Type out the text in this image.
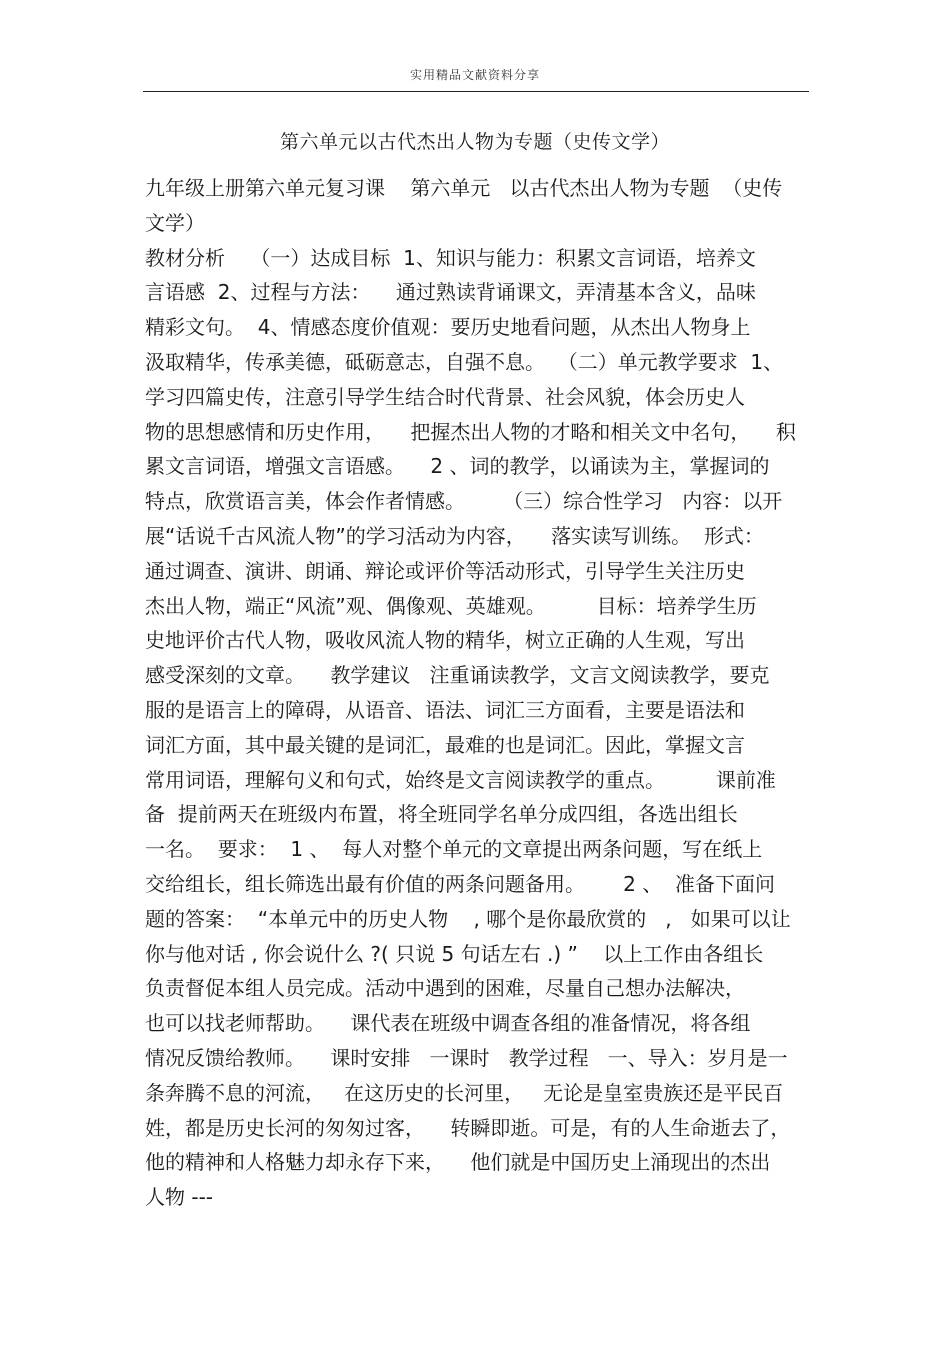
实用精品文献资料分享
第六单元以古代杰出人物为专题（史传文学）
九年级上册第六单元复习课    第六单元   以古代杰出人物为专题  （史传
文学）
教材分析    （一）达成目标  1、知识与能力：积累文言词语，培养文
言语感  2、过程与方法：    通过熟读背诵课文，弄清基本含义，品味
精彩文句。  4、情感态度价值观：要历史地看问题，从杰出人物身上
汲取精华，传承美德，砥砺意志，自强不息。  （二）单元教学要求  1、
学习四篇史传，注意引导学生结合时代背景、社会风貌，体会历史人
物的思想感情和历史作用，    把握杰出人物的才略和相关文中名句，    积
累文言词语，增强文言语感。    2 、词的教学，以诵读为主，掌握词的
特点，欣赏语言美，体会作者情感。      （三）综合性学习   内容：以开
展“话说千古风流人物”的学习活动为内容，    落实读写训练。  形式：
通过调查、演讲、朗诵、辩论或评价等活动形式，引导学生关注历史
杰出人物，端正“风流”观、偶像观、英雄观。        目标：培养学生历
史地评价古代人物，吸收风流人物的精华，树立正确的人生观，写出
感受深刻的文章。    教学建议   注重诵读教学，文言文阅读教学，要克
服的是语言上的障碍，从语音、语法、词汇三方面看，主要是语法和
词汇方面，其中最关键的是词汇，最难的也是词汇。因此，掌握文言
常用词语，理解句义和句式，始终是文言阅读教学的重点。        课前准
备  提前两天在班级内布置，将全班同学名单分成四组，各选出组长
一名。  要求：  1 、  每人对整个单元的文章提出两条问题，写在纸上
交给组长，组长筛选出最有价值的两条问题备用。      2 、  准备下面问
题的答案：  “本单元中的历史人物    , 哪个是你最欣赏的   ,   如果可以让
你与他对话 , 你会说什么 ?( 只说 5 句话左右 .) ”    以上工作由各组长
负责督促本组人员完成。活动中遇到的困难，尽量自己想办法解决，
也可以找老师帮助。    课代表在班级中调查各组的准备情况，将各组
情况反馈给教师。    课时安排   一课时   教学过程   一、导入：岁月是一
条奔腾不息的河流，   在这历史的长河里，   无论是皇室贵族还是平民百
姓，都是历史长河的匆匆过客，    转瞬即逝。可是，有的人生命逝去了，
他的精神和人格魅力却永存下来，    他们就是中国历史上涌现出的杰出
人物 ---
